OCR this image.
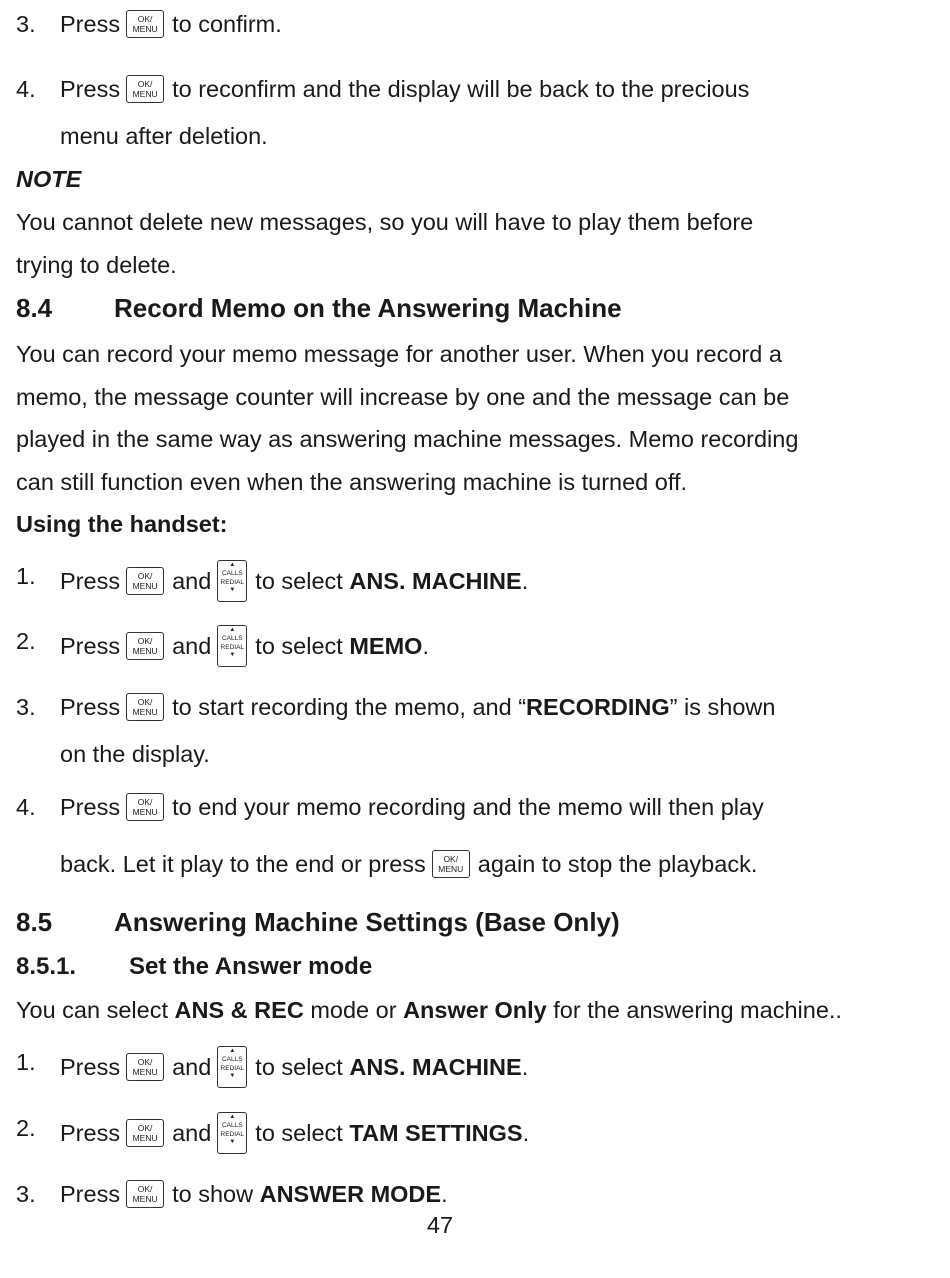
3. Press OK/
MENU to confirm.
4. Press OK/
MENU to reconfirm and the display will be back to the precious
menu after deletion.
NOTE
You cannot delete new messages, so you will have to play them before
trying to delete.
8.4 Record Memo on the Answering Machine
You can record your memo message for another user. When you record a
memo, the message counter will increase by one and the message can be
played in the same way as answering machine messages. Memo recording
can still function even when the answering machine is turned off.
Using the handset:
1. Press OK/
MENU and
▲
CALLS
REDIAL
▼ to select ANS. MACHINE.
2. Press OK/
MENU and
▲
CALLS
REDIAL
▼ to select MEMO.
3. Press OK/
MENU to start recording the memo, and “RECORDING” is shown
on the display.
4. Press OK/
MENU to end your memo recording and the memo will then play
back. Let it play to the end or press OK/
MENU again to stop the playback.
8.5 Answering Machine Settings (Base Only)
8.5.1. Set the Answer mode
You can select ANS & REC mode or Answer Only for the answering machine..
1. Press OK/
MENU and
▲
CALLS
REDIAL
▼ to select ANS. MACHINE.
2. Press OK/
MENU and
▲
CALLS
REDIAL
▼ to select TAM SETTINGS.
3. Press OK/
MENU to show ANSWER MODE.
47
